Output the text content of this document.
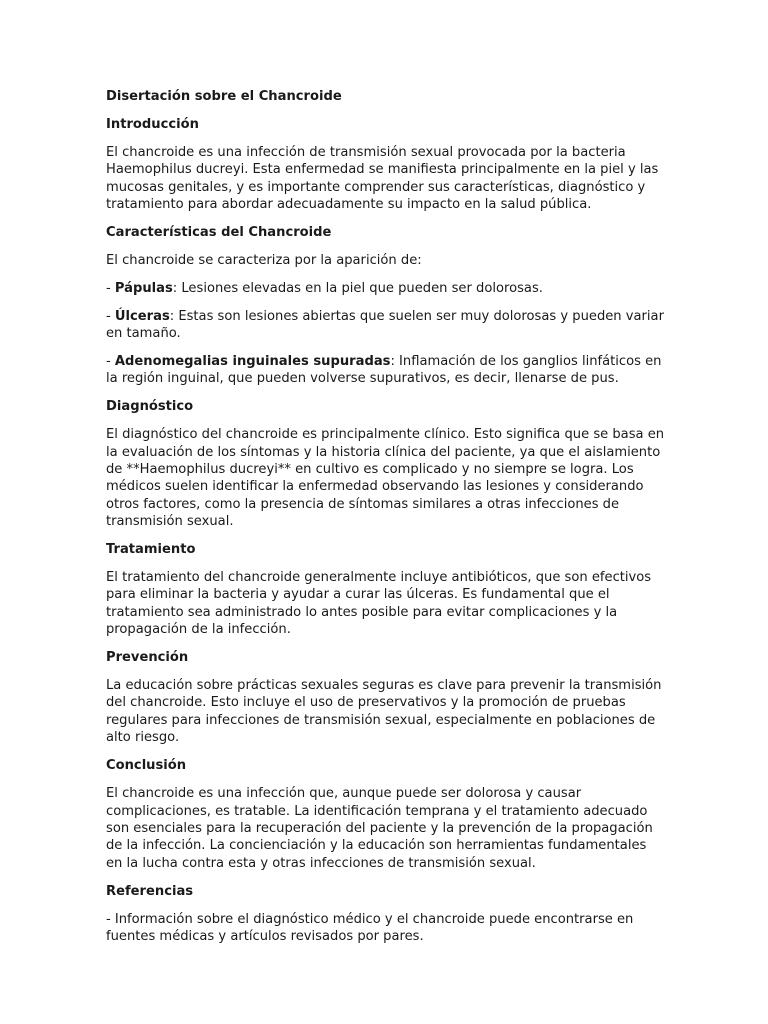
Disertación sobre el Chancroide
Introducción

El chancroide es una infección de transmisión sexual provocada por la bacteria Haemophilus ducreyi. Esta enfermedad se manifiesta principalmente en la piel y las mucosas genitales, y es importante comprender sus características, diagnóstico y tratamiento para abordar adecuadamente su impacto en la salud pública.

Características del Chancroide

El chancroide se caracteriza por la aparición de:

- Pápulas: Lesiones elevadas en la piel que pueden ser dolorosas.

- Úlceras: Estas son lesiones abiertas que suelen ser muy dolorosas y pueden variar en tamaño.

- Adenomegalias inguinales supuradas: Inflamación de los ganglios linfáticos en la región inguinal, que pueden volverse supurativos, es decir, llenarse de pus.

Diagnóstico

El diagnóstico del chancroide es principalmente clínico. Esto significa que se basa en la evaluación de los síntomas y la historia clínica del paciente, ya que el aislamiento de **Haemophilus ducreyi** en cultivo es complicado y no siempre se logra. Los médicos suelen identificar la enfermedad observando las lesiones y considerando otros factores, como la presencia de síntomas similares a otras infecciones de transmisión sexual.

Tratamiento

El tratamiento del chancroide generalmente incluye antibióticos, que son efectivos para eliminar la bacteria y ayudar a curar las úlceras. Es fundamental que el tratamiento sea administrado lo antes posible para evitar complicaciones y la propagación de la infección.

Prevención

La educación sobre prácticas sexuales seguras es clave para prevenir la transmisión del chancroide. Esto incluye el uso de preservativos y la promoción de pruebas regulares para infecciones de transmisión sexual, especialmente en poblaciones de alto riesgo.

Conclusión

El chancroide es una infección que, aunque puede ser dolorosa y causar complicaciones, es tratable. La identificación temprana y el tratamiento adecuado son esenciales para la recuperación del paciente y la prevención de la propagación de la infección. La concienciación y la educación son herramientas fundamentales en la lucha contra esta y otras infecciones de transmisión sexual.

Referencias

- Información sobre el diagnóstico médico y el chancroide puede encontrarse en fuentes médicas y artículos revisados por pares.
